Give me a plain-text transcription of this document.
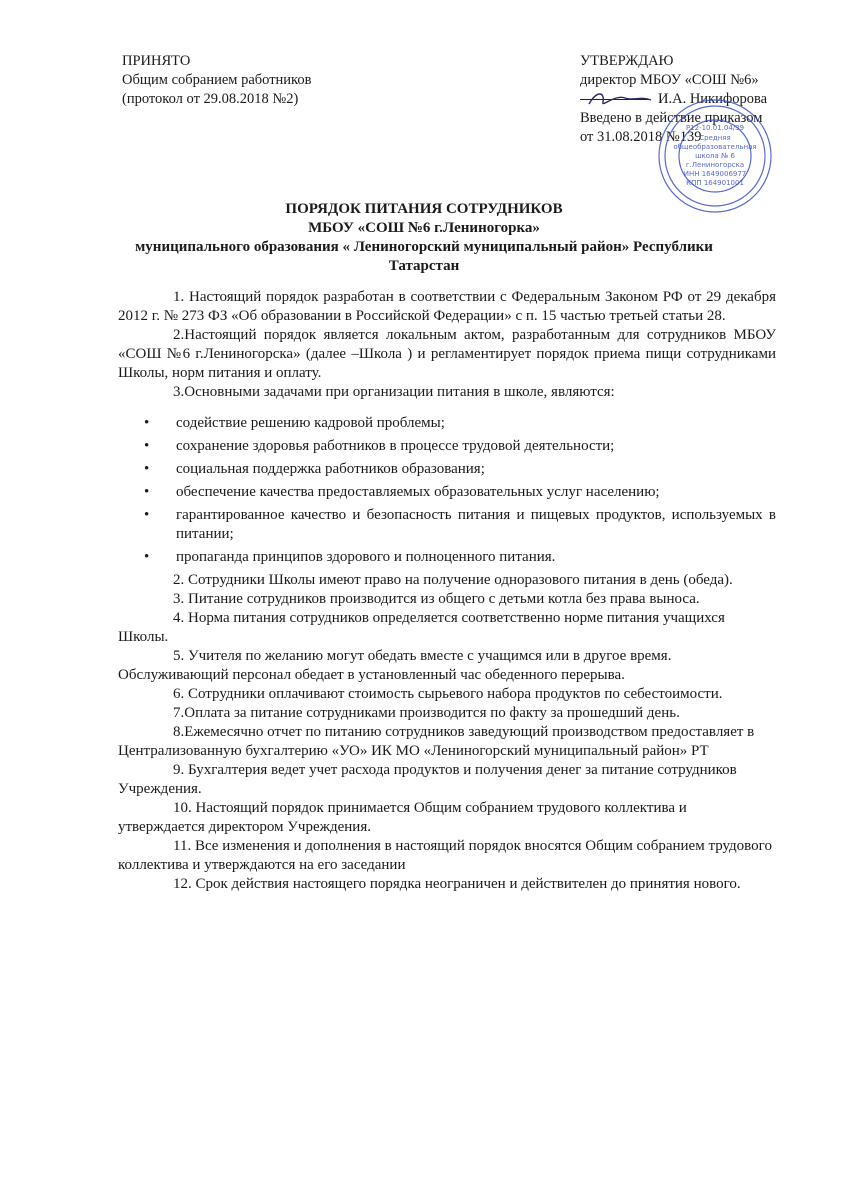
ПРИНЯТО
Общим собранием работников
(протокол от 29.08.2018 №2)
УТВЕРЖДАЮ
директор МБОУ «СОШ №6»
И.А. Никифорова
Введено в действие приказом
от 31.08.2018 №139
Р12-10.01.04/39
Средняя
общеобразовательная
школа № 6
г.Лениногорска
ИНН 1649006977
КПП 164901001
ПОРЯДОК ПИТАНИЯ СОТРУДНИКОВ
МБОУ «СОШ №6 г.Лениногорка»
муниципального образования « Лениногорский муниципальный район» Республики
Татарстан

1. Настоящий порядок разработан в соответствии с Федеральным Законом РФ от 29 декабря 2012 г. № 273 ФЗ «Об образовании в Российской Федерации» с п. 15 частью третьей статьи 28.

2.Настоящий порядок является локальным актом, разработанным для сотрудников МБОУ «СОШ №6 г.Лениногорска» (далее –Школа ) и регламентирует порядок приема пищи сотрудниками Школы, норм питания и оплату.

3.Основными задачами при организации питания в школе, являются:

• содействие решению кадровой проблемы;
• сохранение здоровья работников в процессе трудовой деятельности;
• социальная поддержка работников образования;
• обеспечение качества предоставляемых образовательных услуг населению;
• гарантированное качество и безопасность питания и пищевых продуктов, используемых в питании;
• пропаганда принципов здорового и полноценного питания.

2. Сотрудники Школы имеют право на получение одноразового питания в день (обеда).

3. Питание сотрудников производится из общего с детьми котла без права выноса.

4. Норма питания сотрудников определяется соответственно норме питания учащихся Школы.

5. Учителя по желанию могут обедать вместе с учащимся или в другое время. Обслуживающий персонал обедает в установленный час обеденного перерыва.

6. Сотрудники оплачивают стоимость сырьевого набора продуктов по себестоимости.

7.Оплата за питание сотрудниками производится по факту за прошедший день.

8.Ежемесячно отчет по питанию сотрудников заведующий производством предоставляет в Централизованную бухгалтерию «УО» ИК МО «Лениногорский муниципальный район» РТ

9. Бухгалтерия ведет учет расхода продуктов и получения денег за питание сотрудников Учреждения.

10. Настоящий порядок принимается Общим собранием трудового коллектива и утверждается директором Учреждения.

11. Все изменения и дополнения в настоящий порядок вносятся Общим собранием трудового коллектива и утверждаются на его заседании

12. Срок действия настоящего порядка неограничен и действителен до принятия нового.
